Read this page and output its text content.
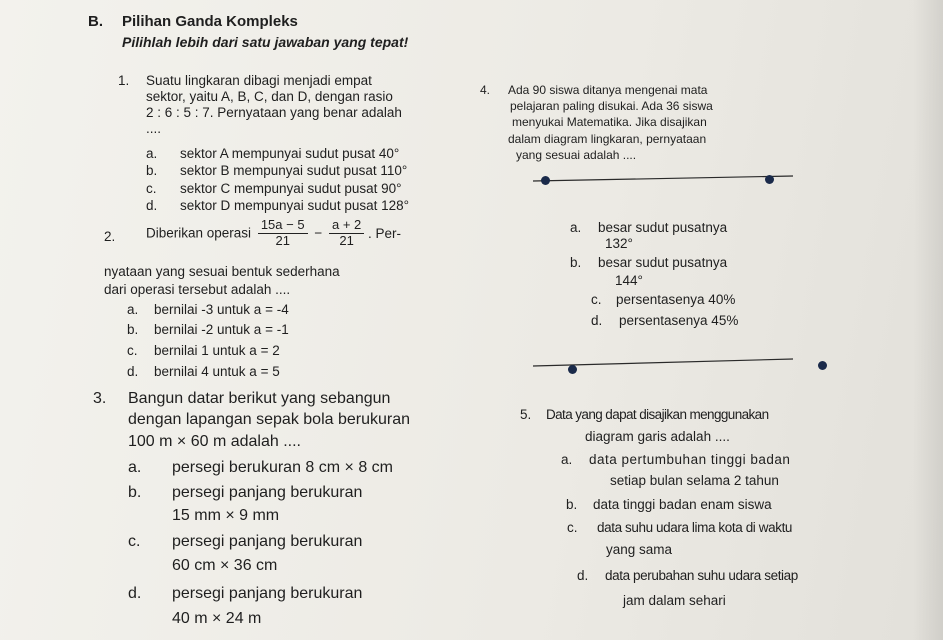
B. Pilihan Ganda Kompleks
Pilihlah lebih dari satu jawaban yang tepat!
1. Suatu lingkaran dibagi menjadi empat
sektor, yaitu A, B, C, dan D, dengan rasio
2 : 6 : 5 : 7. Pernyataan yang benar adalah
....
a. sektor A mempunyai sudut pusat 40°
b. sektor B mempunyai sudut pusat 110°
c. sektor C mempunyai sudut pusat 90°
d. sektor D mempunyai sudut pusat 128°
2. Diberikan operasi $\frac{15a - 5}{21} - \frac{a + 2}{21}$ . Per-
nyataan yang sesuai bentuk sederhana
dari operasi tersebut adalah ....
a. bernilai -3 untuk a = -4
b. bernilai -2 untuk a = -1
c. bernilai 1 untuk a = 2
d. bernilai 4 untuk a = 5
3. Bangun datar berikut yang sebangun
dengan lapangan sepak bola berukuran
100 m × 60 m adalah ....
a. persegi berukuran 8 cm × 8 cm
b. persegi panjang berukuran
15 mm × 9 mm
c. persegi panjang berukuran
60 cm × 36 cm
d. persegi panjang berukuran
40 m × 24 m
4. Ada 90 siswa ditanya mengenai mata
pelajaran paling disukai. Ada 36 siswa
menyukai Matematika. Jika disajikan
dalam diagram lingkaran, pernyataan
yang sesuai adalah ....
a. besar sudut pusatnya
132°
b. besar sudut pusatnya
144°
c. persentasenya 40%
d. persentasenya 45%
5. Data yang dapat disajikan menggunakan
diagram garis adalah ....
a. data pertumbuhan tinggi badan
setiap bulan selama 2 tahun
b. data tinggi badan enam siswa
c. data suhu udara lima kota di waktu
yang sama
d. data perubahan suhu udara setiap
jam dalam sehari
